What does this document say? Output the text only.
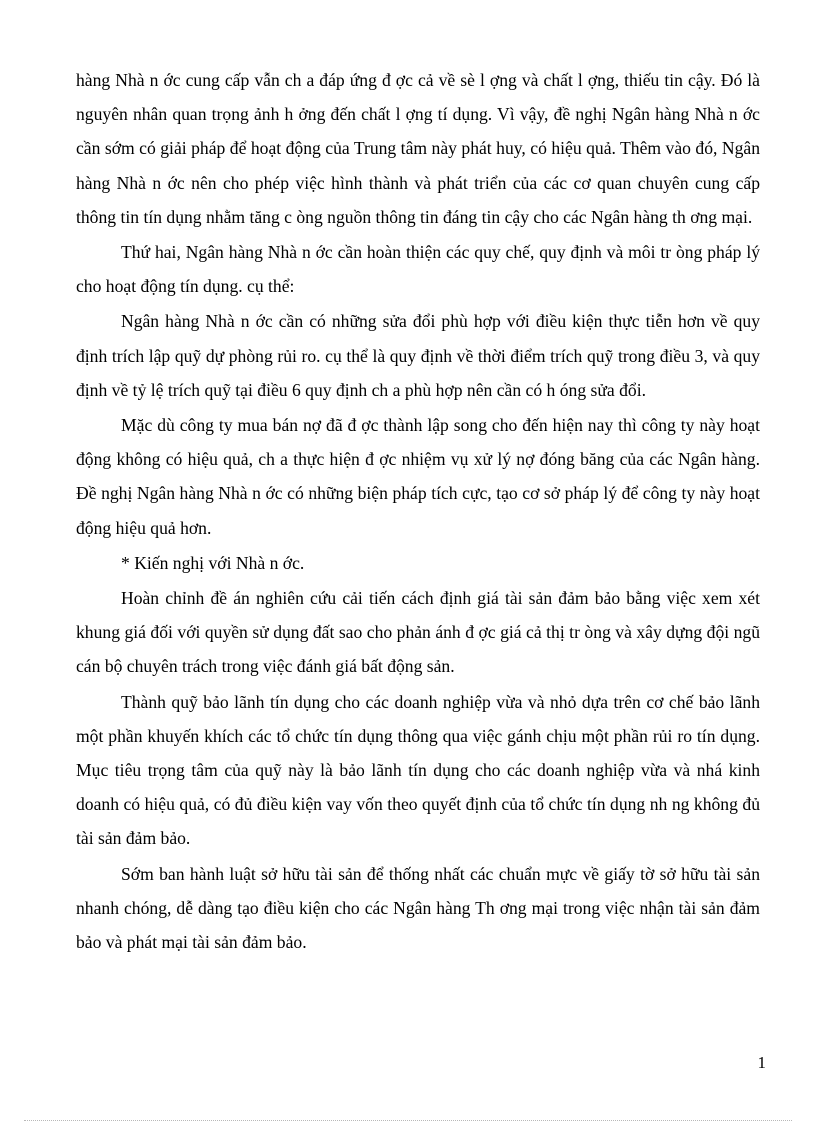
hàng Nhà n ớc cung cấp vẫn ch a đáp ứng đ ợc cả về sè l ợng và chất l ợng, thiếu tin cậy. Đó là nguyên nhân quan trọng ảnh h ởng đến chất l ợng tí dụng. Vì vậy, đề nghị Ngân hàng Nhà n ớc cần sớm có giải pháp để hoạt động của Trung tâm này phát huy, có hiệu quả. Thêm vào đó, Ngân hàng Nhà n ớc nên cho phép việc hình thành và phát triển của các cơ quan chuyên cung cấp thông tin tín dụng nhằm tăng c òng nguồn thông tin đáng tin cậy cho các Ngân hàng th ơng mại.

Thứ hai, Ngân hàng Nhà n ớc cần hoàn thiện các quy chế, quy định và môi tr òng pháp lý cho hoạt động tín dụng. cụ thể:

Ngân hàng Nhà n ớc cần có những sửa đổi phù hợp với điều kiện thực tiễn hơn về quy định trích lập quỹ dự phòng rủi ro. cụ thể là quy định về thời điểm trích quỹ trong điều 3, và quy định về tỷ lệ trích quỹ tại điều 6 quy định ch a phù hợp nên cần có h óng sửa đổi.

Mặc dù công ty mua bán nợ đã đ ợc thành lập song cho đến hiện nay thì công ty này hoạt động không có hiệu quả, ch a thực hiện đ ợc nhiệm vụ xử lý nợ đóng băng của các Ngân hàng. Đề nghị Ngân hàng Nhà n ớc có những biện pháp tích cực, tạo cơ sở pháp lý để công ty này hoạt động hiệu quả hơn.

* Kiến nghị với Nhà n ớc.

Hoàn chỉnh đề án nghiên cứu cải tiến cách định giá tài sản đảm bảo bằng việc xem xét khung giá đối với quyền sử dụng đất sao cho phản ánh đ ợc giá cả thị tr òng và xây dựng đội ngũ cán bộ chuyên trách trong việc đánh giá bất động sản.

Thành quỹ bảo lãnh tín dụng cho các doanh nghiệp vừa và nhỏ dựa trên cơ chế bảo lãnh một phần khuyến khích các tổ chức tín dụng thông qua việc gánh chịu một phần rủi ro tín dụng. Mục tiêu trọng tâm của quỹ này là bảo lãnh tín dụng cho các doanh nghiệp vừa và nhá kinh doanh có hiệu quả, có đủ điều kiện vay vốn theo quyết định của tổ chức tín dụng nh ng không đủ tài sản đảm bảo.

Sớm ban hành luật sở hữu tài sản để thống nhất các chuẩn mực về giấy tờ sở hữu tài sản nhanh chóng, dễ dàng tạo điều kiện cho các Ngân hàng Th ơng mại trong việc nhận tài sản đảm bảo và phát mại tài sản đảm bảo.

1
